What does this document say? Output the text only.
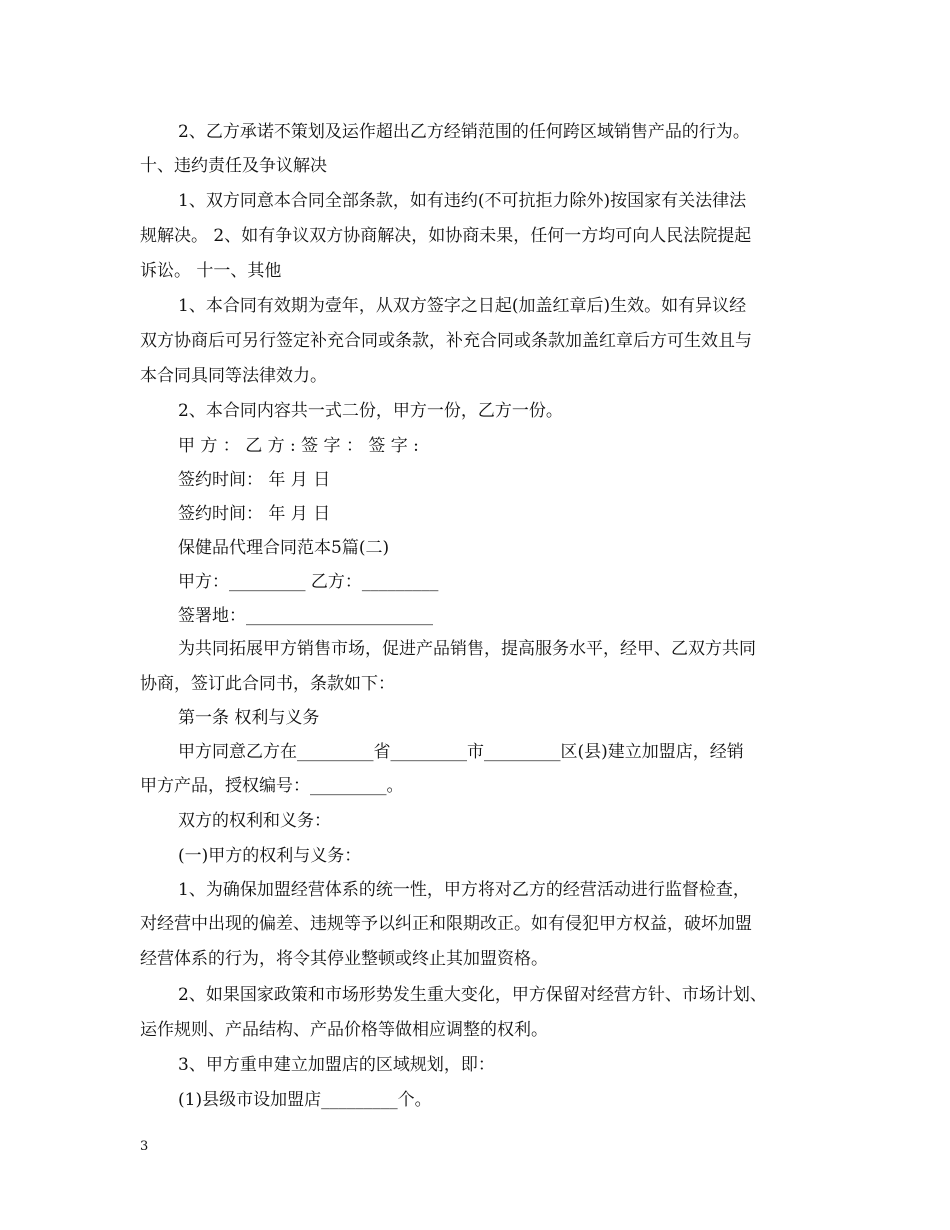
2、乙方承诺不策划及运作超出乙方经销范围的任何跨区域销售产品的行为。
十、违约责任及争议解决
1、双方同意本合同全部条款，如有违约(不可抗拒力除外)按国家有关法律法
规解决。 2、如有争议双方协商解决，如协商未果，任何一方均可向人民法院提起
诉讼。 十一、其他
1、本合同有效期为壹年，从双方签字之日起(加盖红章后)生效。如有异议经
双方协商后可另行签定补充合同或条款，补充合同或条款加盖红章后方可生效且与
本合同具同等法律效力。
2、本合同内容共一式二份，甲方一份，乙方一份。
甲 方 ： 乙 方 : 签 字 ： 签 字 :
签约时间： 年 月 日
签约时间： 年 月 日
保健品代理合同范本5篇(二)
甲方：_________ 乙方：_________
签署地：______________________
为共同拓展甲方销售市场，促进产品销售，提高服务水平，经甲、乙双方共同
协商，签订此合同书，条款如下：
第一条 权利与义务
甲方同意乙方在_________省_________市_________区(县)建立加盟店，经销
甲方产品，授权编号：_________。
双方的权利和义务：
(一)甲方的权利与义务：
1、为确保加盟经营体系的统一性，甲方将对乙方的经营活动进行监督检查，
对经营中出现的偏差、违规等予以纠正和限期改正。如有侵犯甲方权益，破坏加盟
经营体系的行为，将令其停业整顿或终止其加盟资格。
2、如果国家政策和市场形势发生重大变化，甲方保留对经营方针、市场计划、
运作规则、产品结构、产品价格等做相应调整的权利。
3、甲方重申建立加盟店的区域规划，即：
(1)县级市设加盟店_________个。
3
